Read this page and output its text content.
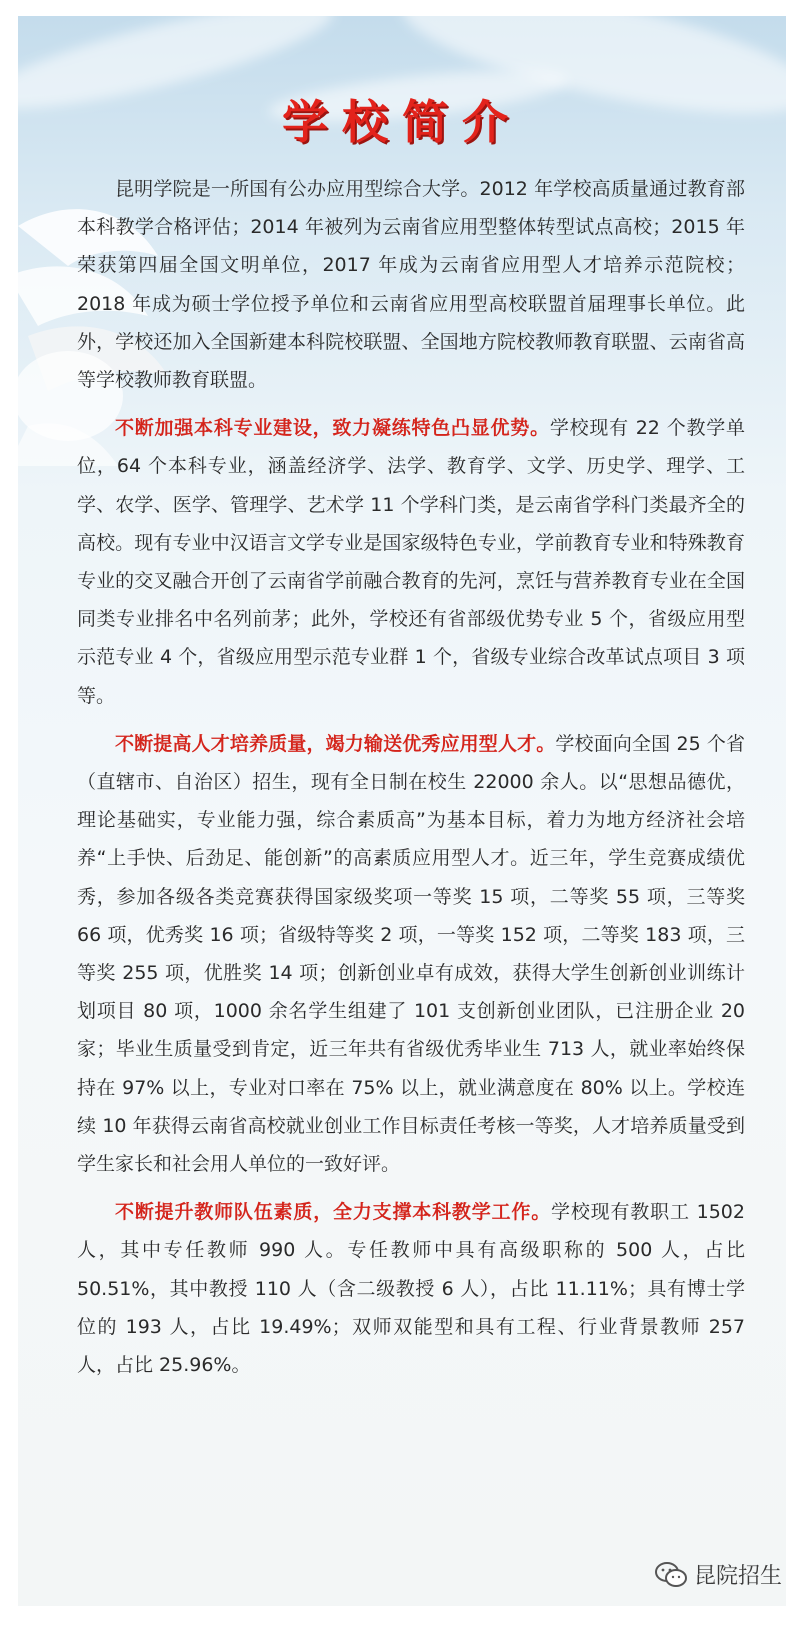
学校简介

昆明学院是一所国有公办应用型综合大学。2012 年学校高质量通过教育部本科教学合格评估；2014 年被列为云南省应用型整体转型试点高校；2015 年荣获第四届全国文明单位，2017 年成为云南省应用型人才培养示范院校；2018 年成为硕士学位授予单位和云南省应用型高校联盟首届理事长单位。此外，学校还加入全国新建本科院校联盟、全国地方院校教师教育联盟、云南省高等学校教师教育联盟。

不断加强本科专业建设，致力凝练特色凸显优势。学校现有 22 个教学单位，64 个本科专业，涵盖经济学、法学、教育学、文学、历史学、理学、工学、农学、医学、管理学、艺术学 11 个学科门类，是云南省学科门类最齐全的高校。现有专业中汉语言文学专业是国家级特色专业，学前教育专业和特殊教育专业的交叉融合开创了云南省学前融合教育的先河，烹饪与营养教育专业在全国同类专业排名中名列前茅；此外，学校还有省部级优势专业 5 个，省级应用型示范专业 4 个，省级应用型示范专业群 1 个，省级专业综合改革试点项目 3 项等。

不断提高人才培养质量，竭力输送优秀应用型人才。学校面向全国 25 个省（直辖市、自治区）招生，现有全日制在校生 22000 余人。以“思想品德优，理论基础实，专业能力强，综合素质高”为基本目标，着力为地方经济社会培养“上手快、后劲足、能创新”的高素质应用型人才。近三年，学生竞赛成绩优秀，参加各级各类竞赛获得国家级奖项一等奖 15 项，二等奖 55 项，三等奖 66 项，优秀奖 16 项；省级特等奖 2 项，一等奖 152 项，二等奖 183 项，三等奖 255 项，优胜奖 14 项；创新创业卓有成效，获得大学生创新创业训练计划项目 80 项，1000 余名学生组建了 101 支创新创业团队，已注册企业 20 家；毕业生质量受到肯定，近三年共有省级优秀毕业生 713 人，就业率始终保持在 97% 以上，专业对口率在 75% 以上，就业满意度在 80% 以上。学校连续 10 年获得云南省高校就业创业工作目标责任考核一等奖，人才培养质量受到学生家长和社会用人单位的一致好评。

不断提升教师队伍素质，全力支撑本科教学工作。学校现有教职工 1502 人，其中专任教师 990 人。专任教师中具有高级职称的 500 人，占比 50.51%，其中教授 110 人（含二级教授 6 人），占比 11.11%；具有博士学位的 193 人，占比 19.49%；双师双能型和具有工程、行业背景教师 257 人，占比 25.96%。

昆院招生
